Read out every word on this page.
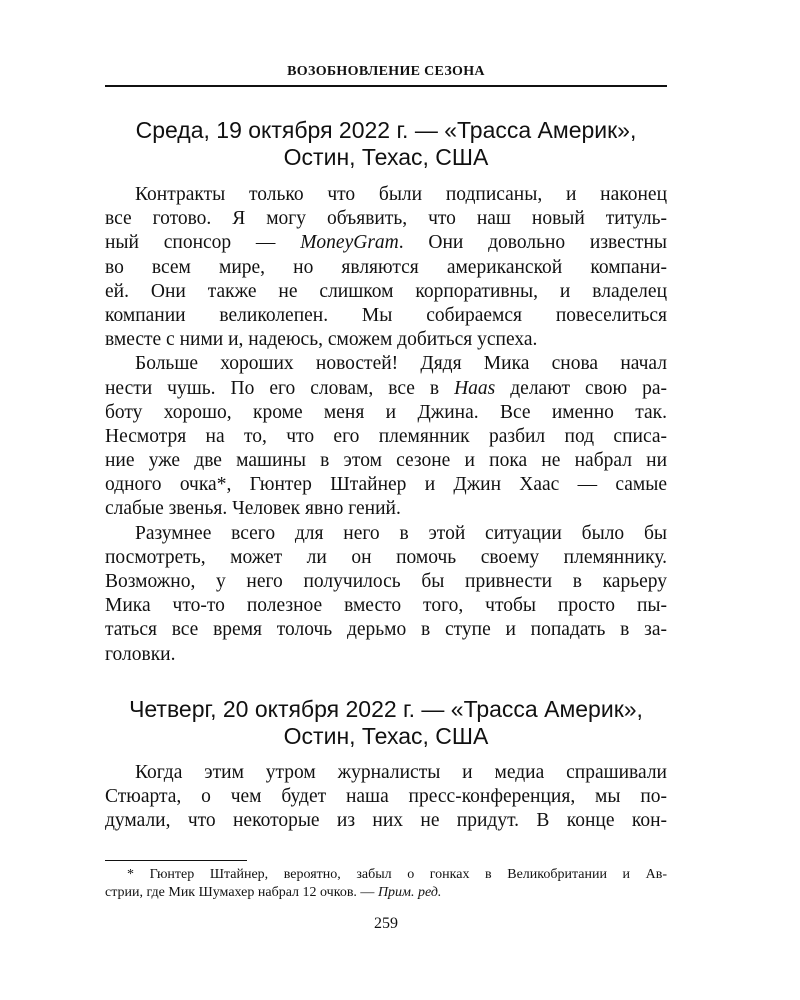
ВОЗОБНОВЛЕНИЕ СЕЗОНА
Среда, 19 октября 2022 г. — «Трасса Америк»,
Остин, Техас, США
Контракты только что были подписаны, и наконец
все готово. Я могу объявить, что наш новый титуль-
ный спонсор — MoneyGram. Они довольно известны
во всем мире, но являются американской компани-
ей. Они также не слишком корпоративны, и владелец
компании великолепен. Мы собираемся повеселиться
вместе с ними и, надеюсь, сможем добиться успеха.
Больше хороших новостей! Дядя Мика снова начал
нести чушь. По его словам, все в Haas делают свою ра-
боту хорошо, кроме меня и Джина. Все именно так.
Несмотря на то, что его племянник разбил под списа-
ние уже две машины в этом сезоне и пока не набрал ни
одного очка*, Гюнтер Штайнер и Джин Хаас — самые
слабые звенья. Человек явно гений.
Разумнее всего для него в этой ситуации было бы
посмотреть, может ли он помочь своему племяннику.
Возможно, у него получилось бы привнести в карьеру
Мика что-то полезное вместо того, чтобы просто пы-
таться все время толочь дерьмо в ступе и попадать в за-
головки.
Четверг, 20 октября 2022 г. — «Трасса Америк»,
Остин, Техас, США
Когда этим утром журналисты и медиа спрашивали
Стюарта, о чем будет наша пресс-конференция, мы по-
думали, что некоторые из них не придут. В конце кон-
* Гюнтер Штайнер, вероятно, забыл о гонках в Великобритании и Ав-
стрии, где Мик Шумахер набрал 12 очков. — Прим. ред.
259
